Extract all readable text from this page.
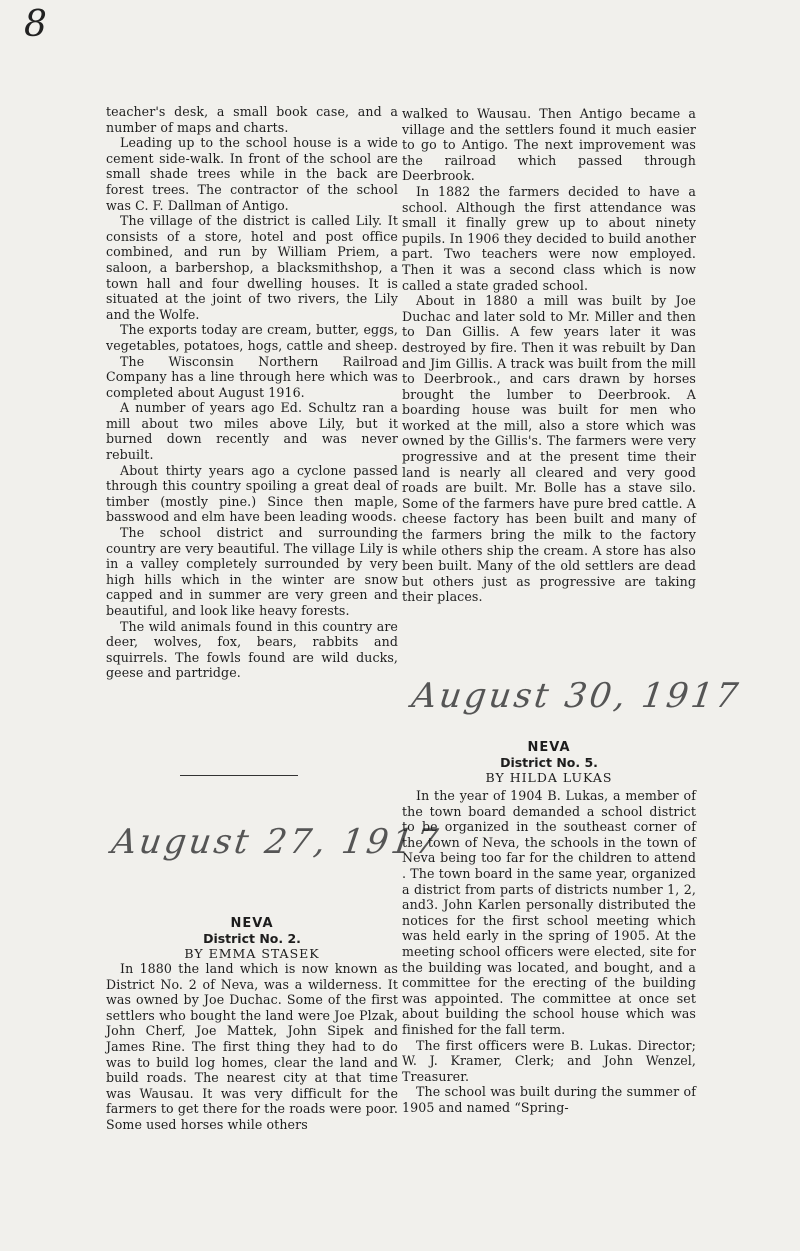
8

teacher's desk, a small book case, and a number of maps and charts.

Leading up to the school house is a wide cement side-walk. In front of the school are small shade trees while in the back are forest trees. The contractor of the school was C. F. Dallman of Antigo.

The village of the district is called Lily. It consists of a store, hotel and post office combined, and run by William Priem, a saloon, a barbershop, a blacksmithshop, a town hall and four dwelling houses. It is situated at the joint of two rivers, the Lily and the Wolfe.

The exports today are cream, butter, eggs, vegetables, potatoes, hogs, cattle and sheep.

The Wisconsin Northern Railroad Company has a line through here which was completed about August 1916.

A number of years ago Ed. Schultz ran a mill about two miles above Lily, but it burned down recently and was never rebuilt.

About thirty years ago a cyclone passed through this country spoiling a great deal of timber (mostly pine.) Since then maple, basswood and elm have been leading woods.

The school district and surrounding country are very beautiful. The village Lily is in a valley completely surrounded by very high hills which in the winter are snow capped and in summer are very green and beautiful, and look like heavy forests.

The wild animals found in this country are deer, wolves, fox, bears, rabbits and squirrels. The fowls found are wild ducks, geese and partridge.

August 27, 1917
NEVA
District No. 2.
BY EMMA STASEK

In 1880 the land which is now known as District No. 2 of Neva, was a wilderness. It was owned by Joe Duchac. Some of the first settlers who bought the land were Joe Plzak, John Cherf, Joe Mattek, John Sipek and James Rine. The first thing they had to do was to build log homes, clear the land and build roads. The nearest city at that time was Wausau. It was very difficult for the farmers to get there for the roads were poor. Some used horses while others

walked to Wausau. Then Antigo became a village and the settlers found it much easier to go to Antigo. The next improvement was the railroad which passed through Deerbrook.

In 1882 the farmers decided to have a school. Although the first attendance was small it finally grew up to about ninety pupils. In 1906 they decided to build another part. Two teachers were now employed. Then it was a second class which is now called a state graded school.

About in 1880 a mill was built by Joe Duchac and later sold to Mr. Miller and then to Dan Gillis. A few years later it was destroyed by fire. Then it was rebuilt by Dan and Jim Gillis. A track was built from the mill to Deerbrook., and cars drawn by horses brought the lumber to Deerbrook. A boarding house was built for men who worked at the mill, also a store which was owned by the Gillis's. The farmers were very progressive and at the present time their land is nearly all cleared and very good roads are built. Mr. Bolle has a stave silo. Some of the farmers have pure bred cattle. A cheese factory has been built and many of the farmers bring the milk to the factory while others ship the cream. A store has also been built. Many of the old settlers are dead but others just as progressive are taking their places.

August 30, 1917
NEVA
District No. 5.
BY HILDA LUKAS

In the year of 1904 B. Lukas, a member of the town board demanded a school district to be organized in the southeast corner of the town of Neva, the schools in the town of Neva being too far for the children to attend . The town board in the same year, organized a district from parts of districts number 1, 2, and3. John Karlen personally distributed the notices for the first school meeting which was held early in the spring of 1905. At the meeting school officers were elected, site for the building was located, and bought, and a committee for the erecting of the building was appointed. The committee at once set about building the school house which was finished for the fall term.

The first officers were B. Lukas. Director; W. J. Kramer, Clerk; and John Wenzel, Treasurer.

The school was built during the summer of 1905 and named “Spring-
